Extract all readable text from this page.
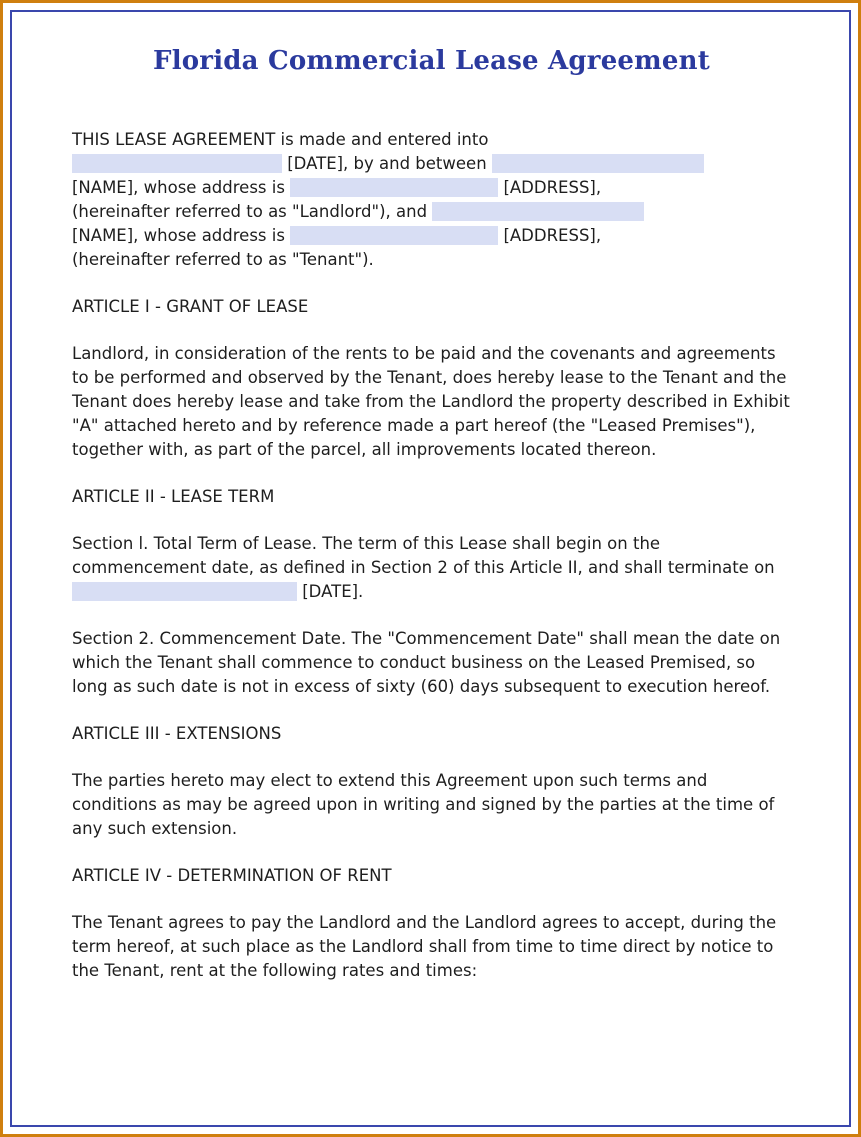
Florida Commercial Lease Agreement
THIS LEASE AGREEMENT is made and entered into
[DATE], by and between
[NAME], whose address is	[ADDRESS],
(hereinafter referred to as "Landlord"), and
[NAME], whose address is	[ADDRESS],
(hereinafter referred to as "Tenant").
ARTICLE I - GRANT OF LEASE

Landlord, in consideration of the rents to be paid and the covenants and agreements to be performed and observed by the Tenant, does hereby lease to the Tenant and the Tenant does hereby lease and take from the Landlord the property described in Exhibit "A" attached hereto and by reference made a part hereof (the "Leased Premises"), together with, as part of the parcel, all improvements located thereon.

ARTICLE II - LEASE TERM

Section l. Total Term of Lease. The term of this Lease shall begin on the commencement date, as defined in Section 2 of this Article II, and shall terminate on  [DATE].

Section 2. Commencement Date. The "Commencement Date" shall mean the date on which the Tenant shall commence to conduct business on the Leased Premised, so long as such date is not in excess of sixty (60) days subsequent to execution hereof.

ARTICLE III - EXTENSIONS

The parties hereto may elect to extend this Agreement upon such terms and conditions as may be agreed upon in writing and signed by the parties at the time of any such extension.

ARTICLE IV - DETERMINATION OF RENT

The Tenant agrees to pay the Landlord and the Landlord agrees to accept, during the term hereof, at such place as the Landlord shall from time to time direct by notice to the Tenant, rent at the following rates and times:
